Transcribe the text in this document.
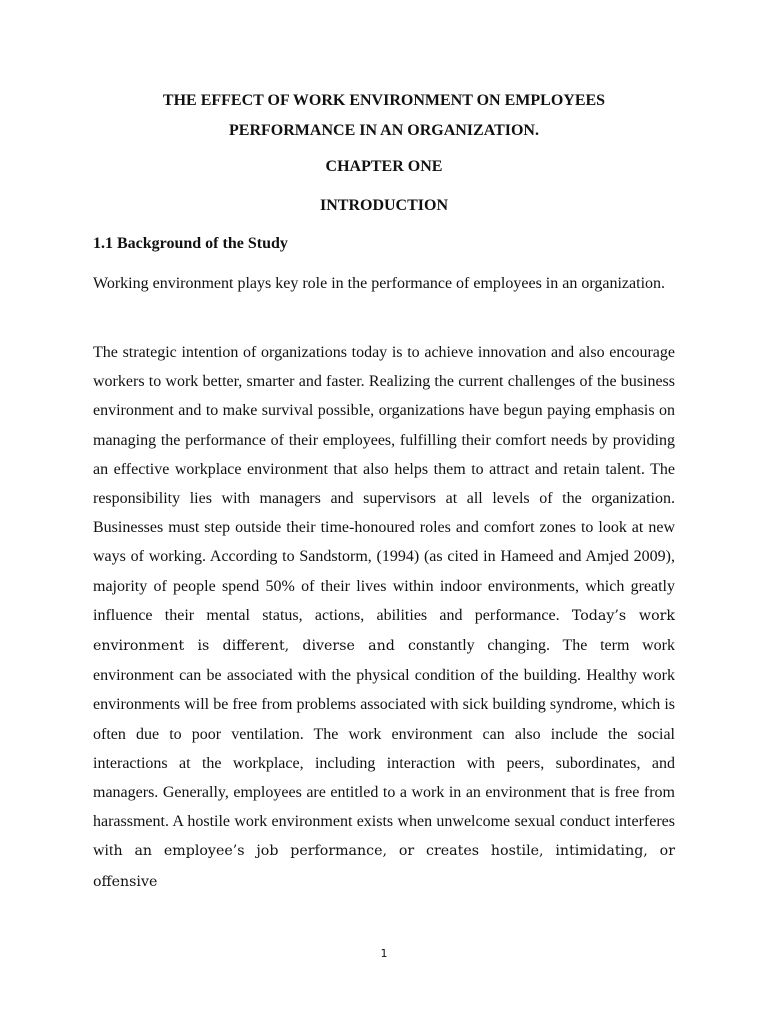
THE EFFECT OF WORK ENVIRONMENT ON EMPLOYEES
PERFORMANCE IN AN ORGANIZATION.
CHAPTER ONE
INTRODUCTION
1.1 Background of the Study
Working environment plays key role in the performance of employees in an organization.
The strategic intention of organizations today is to achieve innovation and also encourage workers to work better, smarter and faster. Realizing the current challenges of the business environment and to make survival possible, organizations have begun paying emphasis on managing the performance of their employees, fulfilling their comfort needs by providing an effective workplace environment that also helps them to attract and retain talent. The responsibility lies with managers and supervisors at all levels of the organization. Businesses must step outside their time-honoured roles and comfort zones to look at new ways of working. According to Sandstorm, (1994) (as cited in Hameed and Amjed 2009), majority of people spend 50% of their lives within indoor environments, which greatly influence their mental status, actions, abilities and performance. Today’s work environment is different, diverse and constantly changing. The term work environment can be associated with the physical condition of the building. Healthy work environments will be free from problems associated with sick building syndrome, which is often due to poor ventilation. The work environment can also include the social interactions at the workplace, including interaction with peers, subordinates, and managers. Generally, employees are entitled to a work in an environment that is free from harassment. A hostile work environment exists when unwelcome sexual conduct interferes with an employee’s job performance, or creates hostile, intimidating, or offensive
1
